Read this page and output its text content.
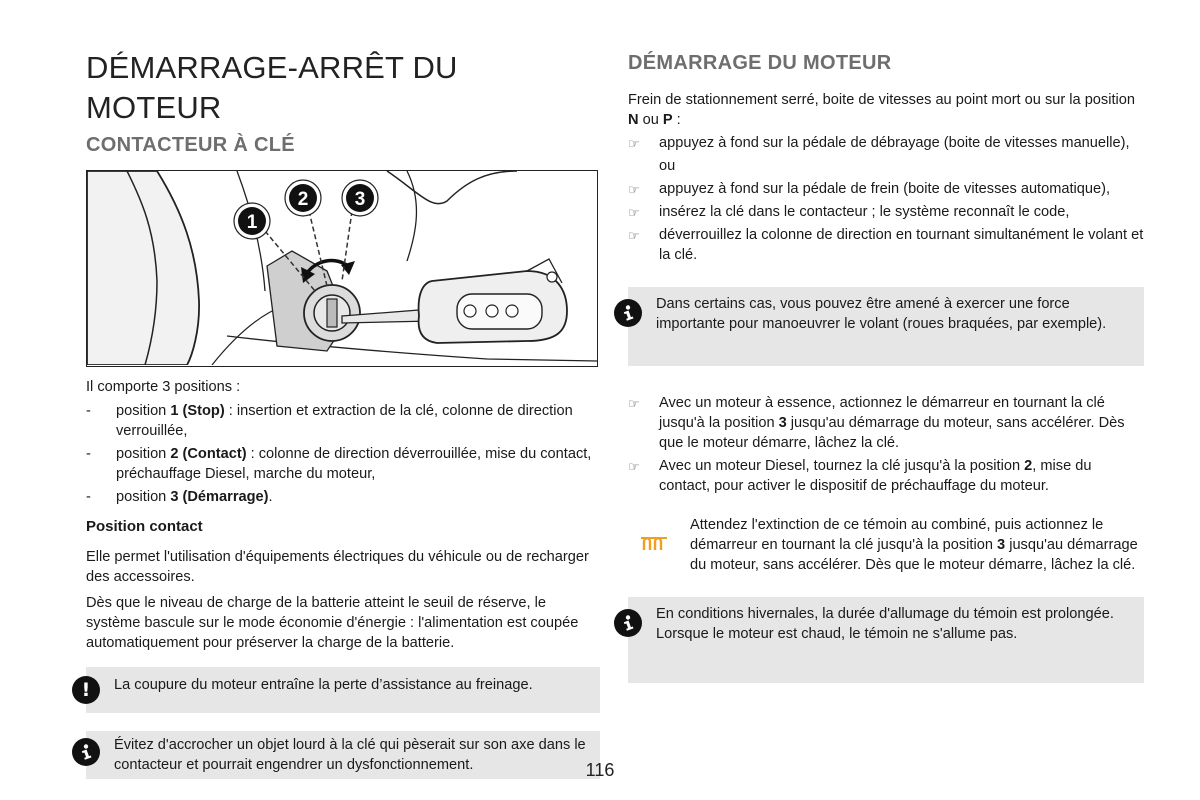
DÉMARRAGE-ARRÊT DU MOTEUR
CONTACTEUR À CLÉ
1
2 3

Il comporte 3 positions :

- position 1 (Stop) : insertion et extraction de la clé, colonne de direction verrouillée,
- position 2 (Contact) : colonne de direction déverrouillée, mise du contact, préchauffage Diesel, marche du moteur,
- position 3 (Démarrage).
Position contact

Elle permet l'utilisation d'équipements électriques du véhicule ou de recharger des accessoires.

Dès que le niveau de charge de la batterie atteint le seuil de réserve, le système bascule sur le mode économie d'énergie : l'alimentation est coupée automatiquement pour préserver la charge de la batterie.

! La coupure du moteur entraîne la perte d’assistance au freinage.
Évitez d'accrocher un objet lourd à la clé qui pèserait sur son axe dans le contacteur et pourrait engendrer un dysfonctionnement.
DÉMARRAGE DU MOTEUR

Frein de stationnement serré, boite de vitesses au point mort ou sur la position N ou P :

☞ appuyez à fond sur la pédale de débrayage (boite de vitesses manuelle),
ou
☞ appuyez à fond sur la pédale de frein (boite de vitesses automatique),
☞ insérez la clé dans le contacteur ; le système reconnaît le code,
☞ déverrouillez la colonne de direction en tournant simultanément le volant et la clé.
Dans certains cas, vous pouvez être amené à exercer une force importante pour manoeuvrer le volant (roues braquées, par exemple).
☞ Avec un moteur à essence, actionnez le démarreur en tournant la clé jusqu'à la position 3 jusqu'au démarrage du moteur, sans accélérer. Dès que le moteur démarre, lâchez la clé.
☞ Avec un moteur Diesel, tournez la clé jusqu'à la position 2, mise du contact, pour activer le dispositif de préchauffage du moteur.

Attendez l'extinction de ce témoin au combiné, puis actionnez le démarreur en tournant la clé jusqu'à la position 3 jusqu'au démarrage du moteur, sans accélérer. Dès que le moteur démarre, lâchez la clé.

En conditions hivernales, la durée d'allumage du témoin est prolongée. Lorsque le moteur est chaud, le témoin ne s'allume pas.
116
